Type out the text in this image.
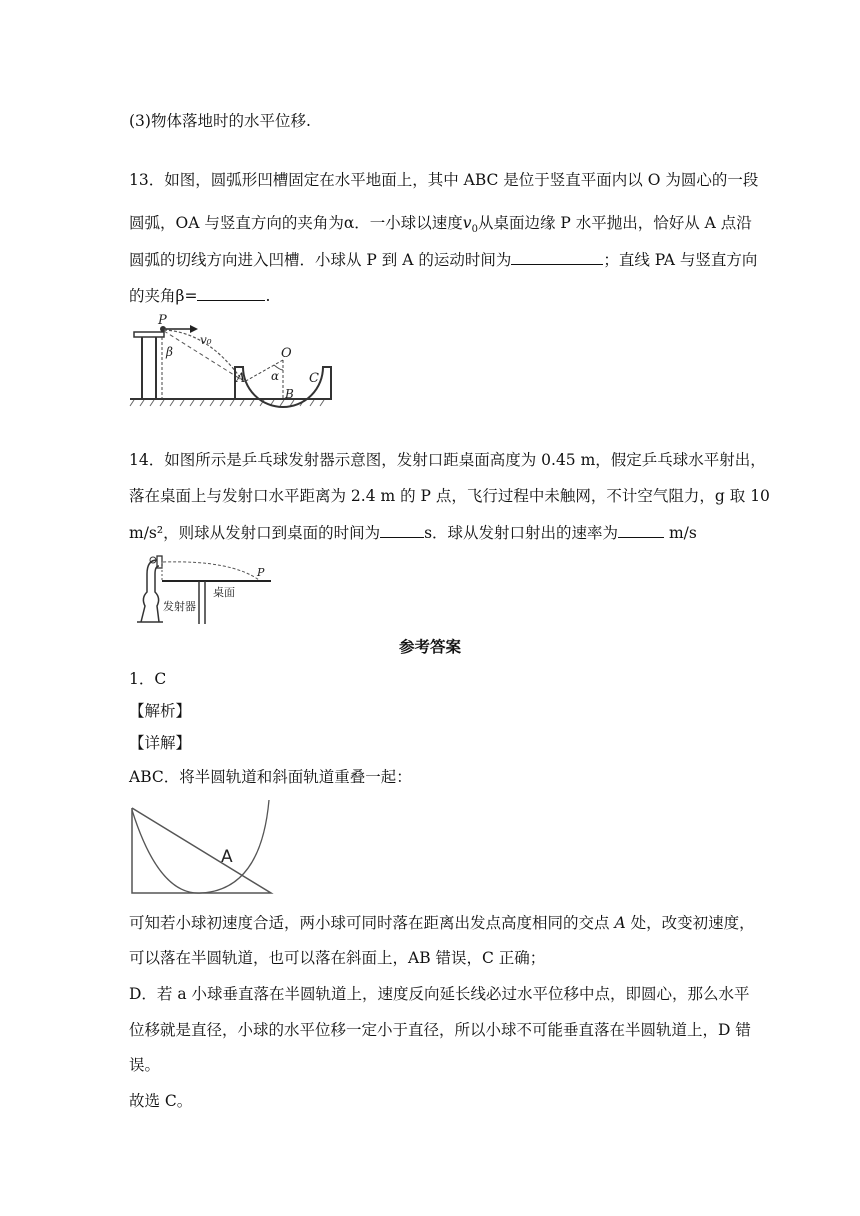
(3)物体落地时的水平位移.
13．如图，圆弧形凹槽固定在水平地面上，其中 ABC 是位于竖直平面内以 O 为圆心的一段
圆弧，OA 与竖直方向的夹角为α．一小球以速度$v_0$从桌面边缘 P 水平抛出，恰好从 A 点沿
圆弧的切线方向进入凹槽．小球从 P 到 A 的运动时间为	；直线 PA 与竖直方向
的夹角β=	.
P
v₀
β
A
O
α C
B
14．如图所示是乒乓球发射器示意图，发射口距桌面高度为 0.45 m，假定乒乓球水平射出，
落在桌面上与发射口水平距离为 2.4 m 的 P 点，飞行过程中未触网，不计空气阻力，g 取 10
m/s²，则球从发射口到桌面的时间为	s．球从发射口射出的速率为	m/s
P
桌面
发射器
参考答案
1．C
【解析】
【详解】
ABC．将半圆轨道和斜面轨道重叠一起：
A
可知若小球初速度合适，两小球可同时落在距离出发点高度相同的交点 A 处，改变初速度，
可以落在半圆轨道，也可以落在斜面上，AB 错误，C 正确；
D．若 a 小球垂直落在半圆轨道上，速度反向延长线必过水平位移中点，即圆心，那么水平
位移就是直径，小球的水平位移一定小于直径，所以小球不可能垂直落在半圆轨道上，D 错
误。
故选 C。
